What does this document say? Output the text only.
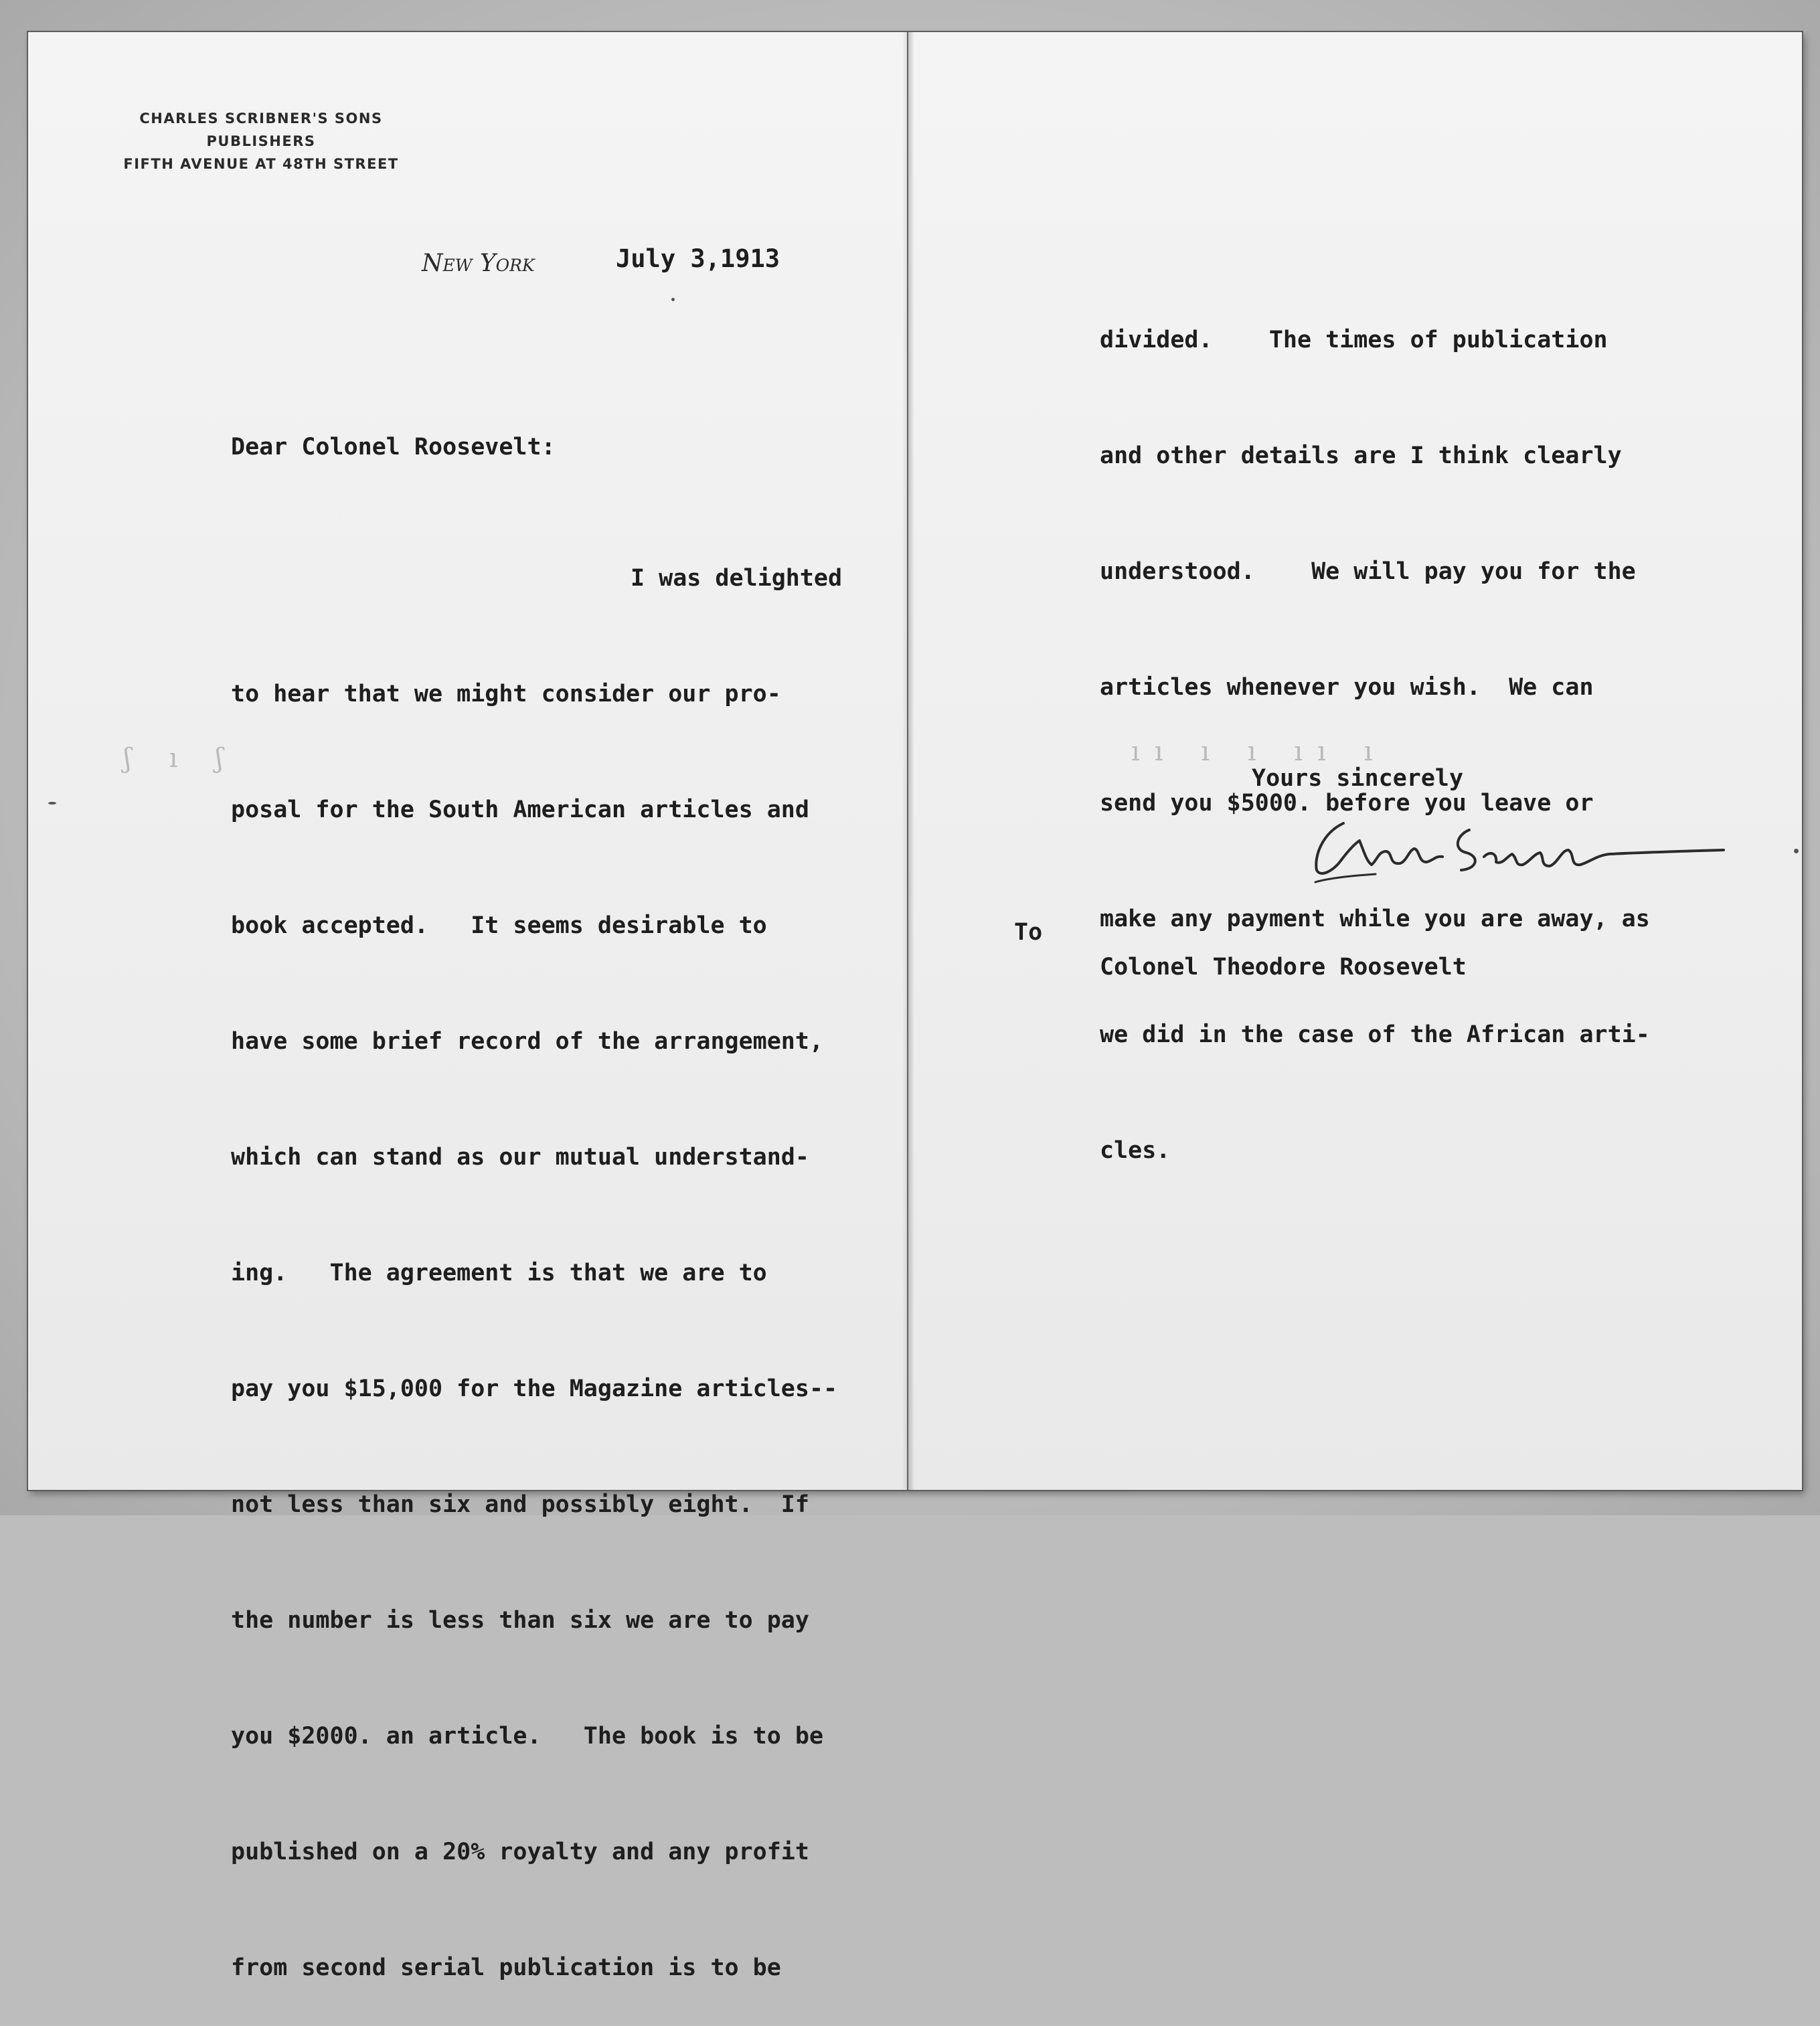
CHARLES SCRIBNER'S SONS
PUBLISHERS
FIFTH AVENUE AT 48TH STREET
New York	July 3,1913
Dear Colonel Roosevelt:

I was delighted

to hear that we might consider our pro-

posal for the South American articles and

book accepted.   It seems desirable to

have some brief record of the arrangement,

which can stand as our mutual understand-

ing.   The agreement is that we are to

pay you $15,000 for the Magazine articles--

not less than six and possibly eight.  If

the number is less than six we are to pay

you $2000. an article.   The book is to be

published on a 20% royalty and any profit

from second serial publication is to be

divided.    The times of publication

and other details are I think clearly

understood.    We will pay you for the

articles whenever you wish.  We can

send you $5000. before you leave or

make any payment while you are away, as

we did in the case of the African arti-

cles.

Yours sincerely
To
Colonel Theodore Roosevelt
ʃ ı ʃ	ıı ı ı ıı ı
